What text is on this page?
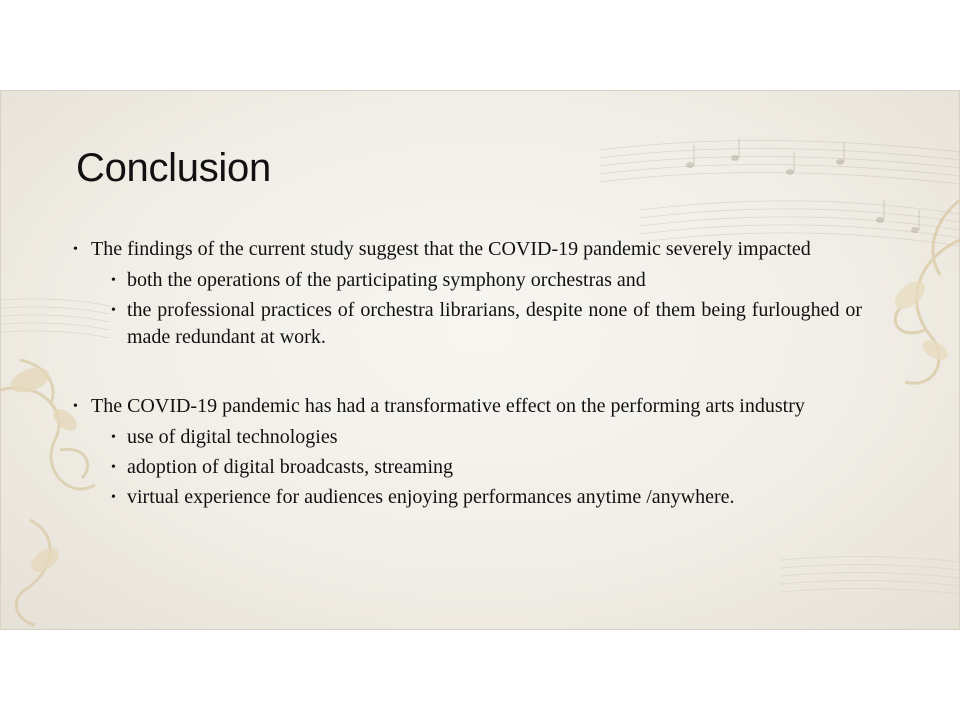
Conclusion
• The findings of the current study suggest that the COVID-19 pandemic severely impacted
• both the operations of the participating symphony orchestras and
• the professional practices of orchestra librarians, despite none of them being furloughed or made redundant at work.
• The COVID-19 pandemic has had a transformative effect on the performing arts industry
• use of digital technologies
• adoption of digital broadcasts, streaming
• virtual experience for audiences enjoying performances anytime /anywhere.
